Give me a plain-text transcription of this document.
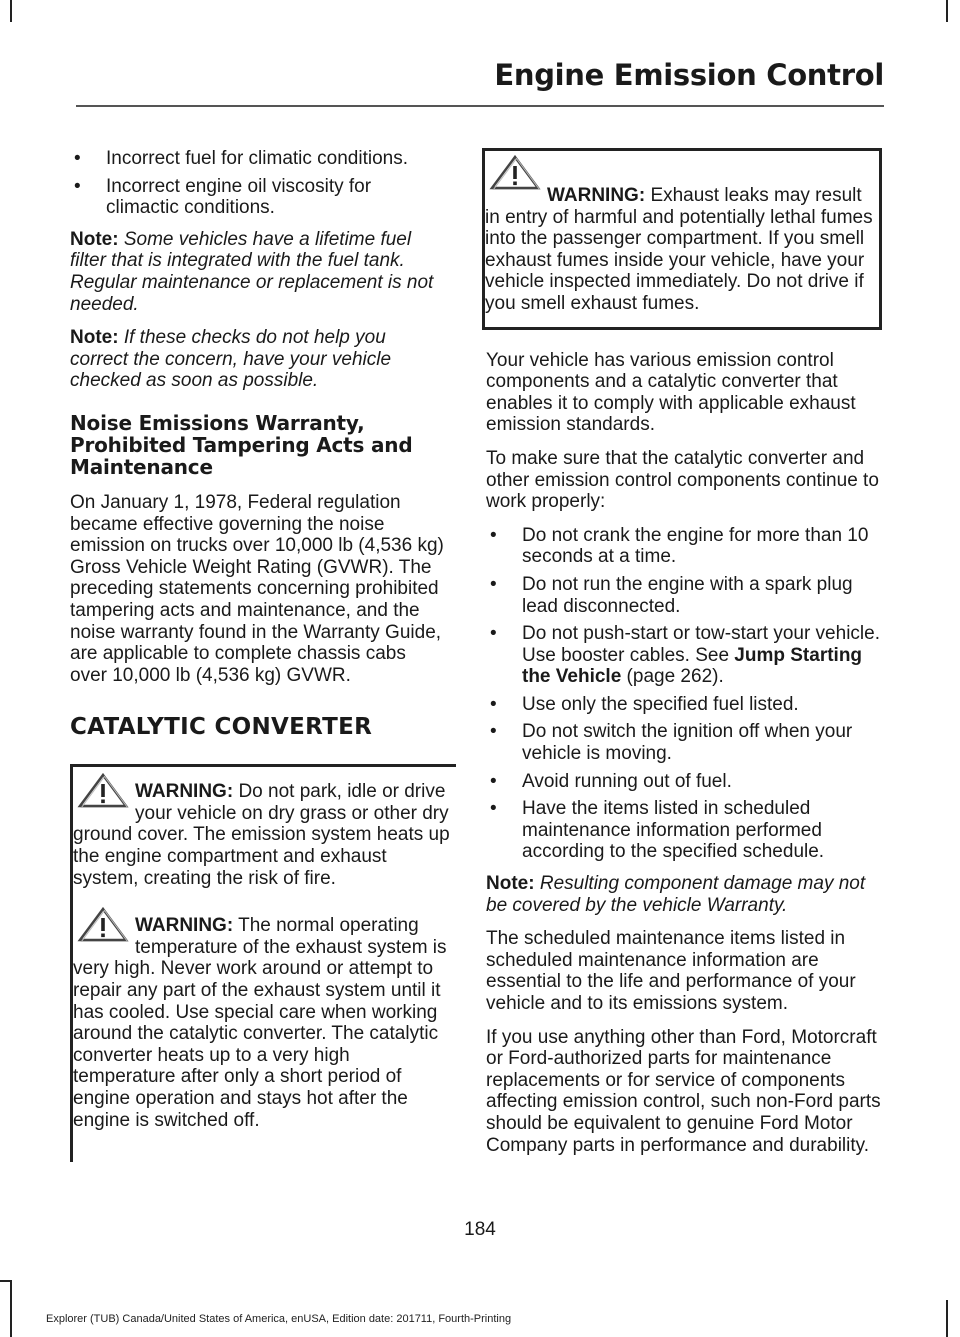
Engine Emission Control
• Incorrect fuel for climatic conditions.
• Incorrect engine oil viscosity for climactic conditions.

Note: Some vehicles have a lifetime fuel filter that is integrated with the fuel tank. Regular maintenance or replacement is not needed.

Note: If these checks do not help you correct the concern, have your vehicle checked as soon as possible.

Noise Emissions Warranty, Prohibited Tampering Acts and Maintenance

On January 1, 1978, Federal regulation became effective governing the noise emission on trucks over 10,000 lb (4,536 kg) Gross Vehicle Weight Rating (GVWR). The preceding statements concerning prohibited tampering acts and maintenance, and the noise warranty found in the Warranty Guide, are applicable to complete chassis cabs over 10,000 lb (4,536 kg) GVWR.

CATALYTIC CONVERTER

WARNING: Do not park, idle or drive your vehicle on dry grass or other dry ground cover. The emission system heats up the engine compartment and exhaust system, creating the risk of fire.

WARNING: The normal operating temperature of the exhaust system is very high. Never work around or attempt to repair any part of the exhaust system until it has cooled. Use special care when working around the catalytic converter. The catalytic converter heats up to a very high temperature after only a short period of engine operation and stays hot after the engine is switched off.

WARNING: Exhaust leaks may result in entry of harmful and potentially lethal fumes into the passenger compartment. If you smell exhaust fumes inside your vehicle, have your vehicle inspected immediately. Do not drive if you smell exhaust fumes.

Your vehicle has various emission control components and a catalytic converter that enables it to comply with applicable exhaust emission standards.

To make sure that the catalytic converter and other emission control components continue to work properly:

• Do not crank the engine for more than 10 seconds at a time.
• Do not run the engine with a spark plug lead disconnected.
• Do not push-start or tow-start your vehicle. Use booster cables. See Jump Starting the Vehicle (page 262).
• Use only the specified fuel listed.
• Do not switch the ignition off when your vehicle is moving.
• Avoid running out of fuel.
• Have the items listed in scheduled maintenance information performed according to the specified schedule.

Note: Resulting component damage may not be covered by the vehicle Warranty.

The scheduled maintenance items listed in scheduled maintenance information are essential to the life and performance of your vehicle and to its emissions system.

If you use anything other than Ford, Motorcraft or Ford-authorized parts for maintenance replacements or for service of components affecting emission control, such non-Ford parts should be equivalent to genuine Ford Motor Company parts in performance and durability.

184
Explorer (TUB) Canada/United States of America, enUSA, Edition date: 201711, Fourth-Printing
